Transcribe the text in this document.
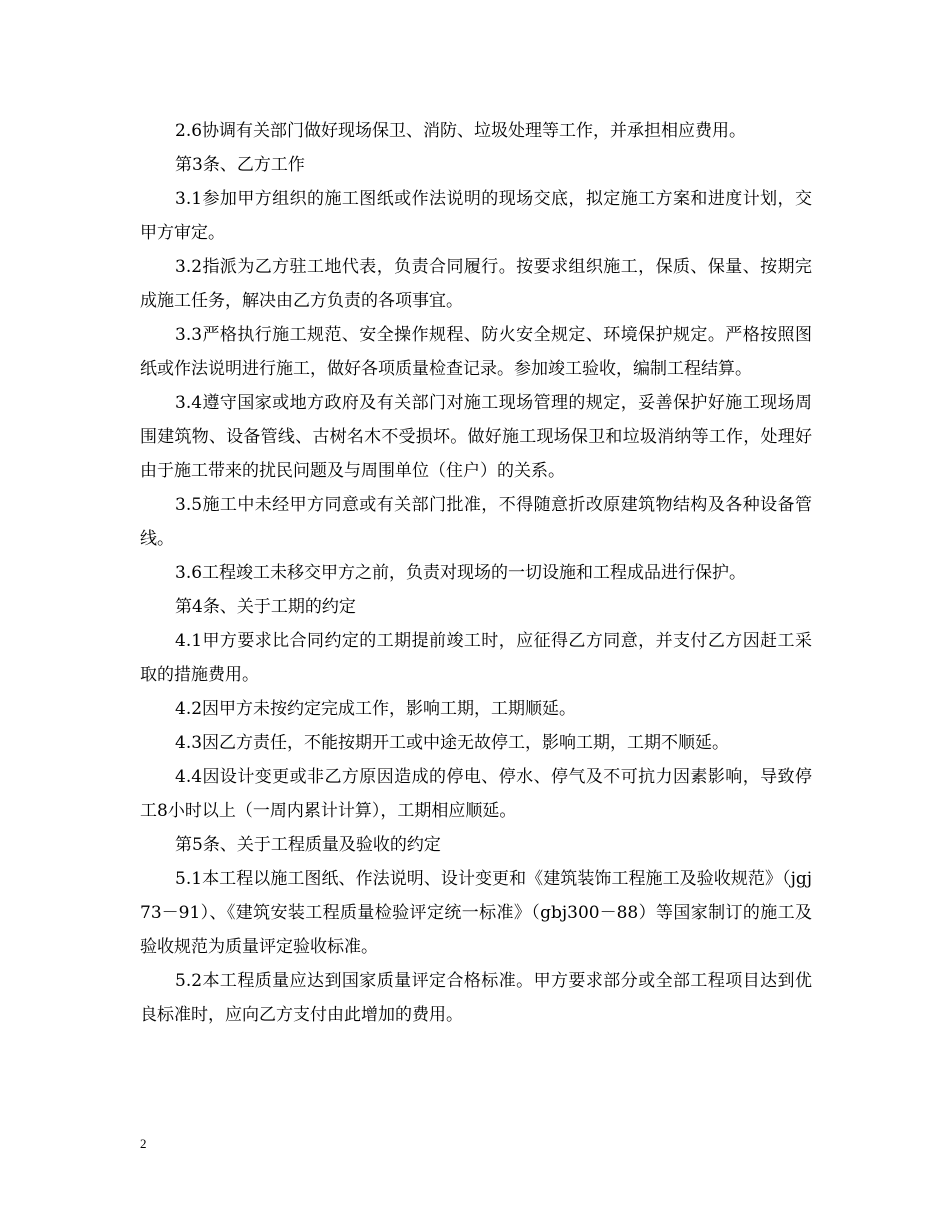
2.6协调有关部门做好现场保卫、消防、垃圾处理等工作，并承担相应费用。

第3条、乙方工作

3.1参加甲方组织的施工图纸或作法说明的现场交底，拟定施工方案和进度计划，交甲方审定。

3.2指派为乙方驻工地代表，负责合同履行。按要求组织施工，保质、保量、按期完成施工任务，解决由乙方负责的各项事宜。

3.3严格执行施工规范、安全操作规程、防火安全规定、环境保护规定。严格按照图纸或作法说明进行施工，做好各项质量检查记录。参加竣工验收，编制工程结算。

3.4遵守国家或地方政府及有关部门对施工现场管理的规定，妥善保护好施工现场周围建筑物、设备管线、古树名木不受损坏。做好施工现场保卫和垃圾消纳等工作，处理好由于施工带来的扰民问题及与周围单位（住户）的关系。

3.5施工中未经甲方同意或有关部门批准，不得随意折改原建筑物结构及各种设备管线。

3.6工程竣工未移交甲方之前，负责对现场的一切设施和工程成品进行保护。

第4条、关于工期的约定

4.1甲方要求比合同约定的工期提前竣工时，应征得乙方同意，并支付乙方因赶工采取的措施费用。

4.2因甲方未按约定完成工作，影响工期，工期顺延。

4.3因乙方责任，不能按期开工或中途无故停工，影响工期，工期不顺延。

4.4因设计变更或非乙方原因造成的停电、停水、停气及不可抗力因素影响，导致停工8小时以上（一周内累计计算），工期相应顺延。

第5条、关于工程质量及验收的约定

5.1本工程以施工图纸、作法说明、设计变更和《建筑装饰工程施工及验收规范》（jgj73－91）、《建筑安装工程质量检验评定统一标准》（gbj300－88）等国家制订的施工及验收规范为质量评定验收标准。

5.2本工程质量应达到国家质量评定合格标准。甲方要求部分或全部工程项目达到优良标准时，应向乙方支付由此增加的费用。

2
